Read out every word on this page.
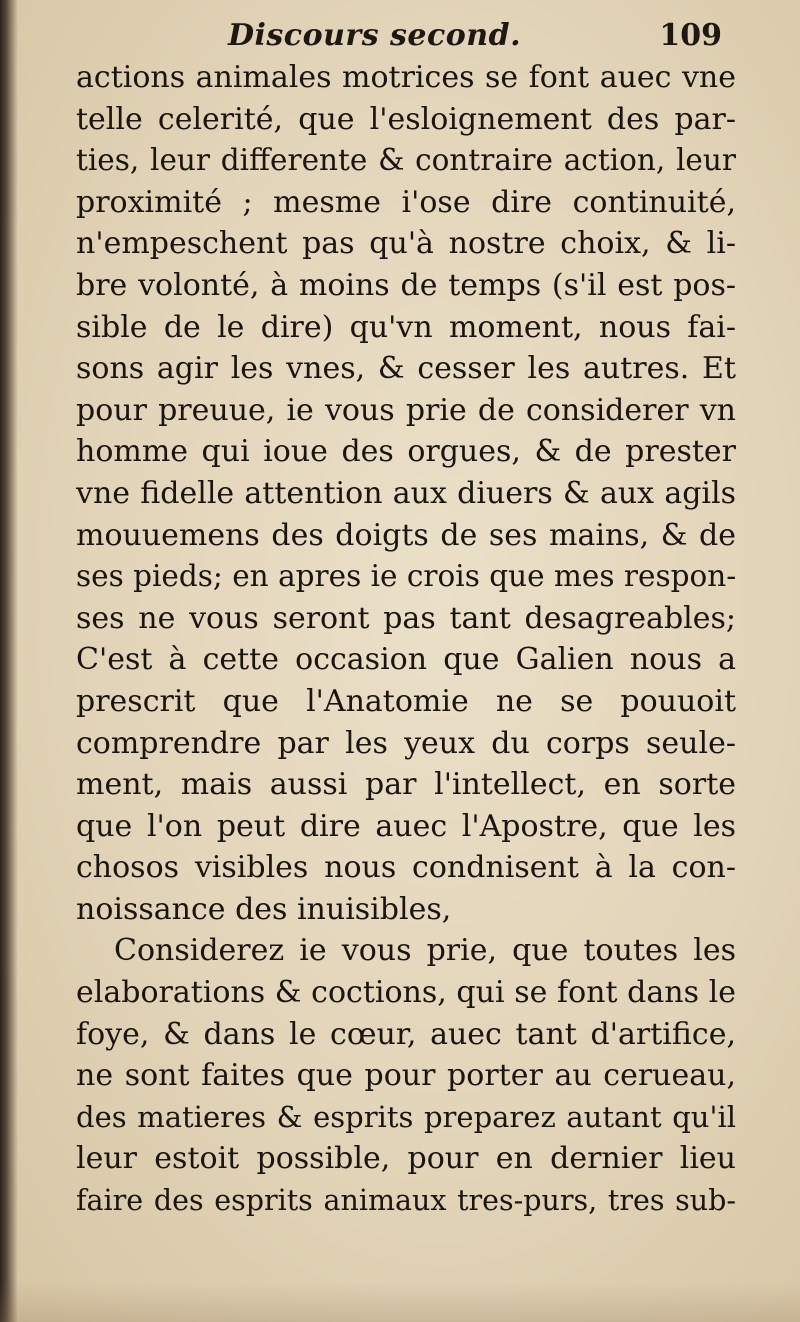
Discours second.	109
actions animales motrices se font auec vne
telle celerité, que l'esloignement des par-
ties, leur differente & contraire action, leur
proximité ; mesme i'ose dire continuité,
n'empeschent pas qu'à nostre choix, & li-
bre volonté, à moins de temps (s'il est pos-
sible de le dire) qu'vn moment, nous fai-
sons agir les vnes, & cesser les autres. Et
pour preuue, ie vous prie de considerer vn
homme qui ioue des orgues, & de prester
vne fidelle attention aux diuers & aux agils
mouuemens des doigts de ses mains, & de
ses pieds; en apres ie crois que mes respon-
ses ne vous seront pas tant desagreables;
C'est à cette occasion que Galien nous a
prescrit que l'Anatomie ne se pouuoit
comprendre par les yeux du corps seule-
ment, mais aussi par l'intellect, en sorte
que l'on peut dire auec l'Apostre, que les
chosos visibles nous condnisent à la con-
noissance des inuisibles,
Considerez ie vous prie, que toutes les
elaborations & coctions, qui se font dans le
foye, & dans le cœur, auec tant d'artifice,
ne sont faites que pour porter au cerueau,
des matieres & esprits preparez autant qu'il
leur estoit possible, pour en dernier lieu
faire des esprits animaux tres-purs, tres sub-
